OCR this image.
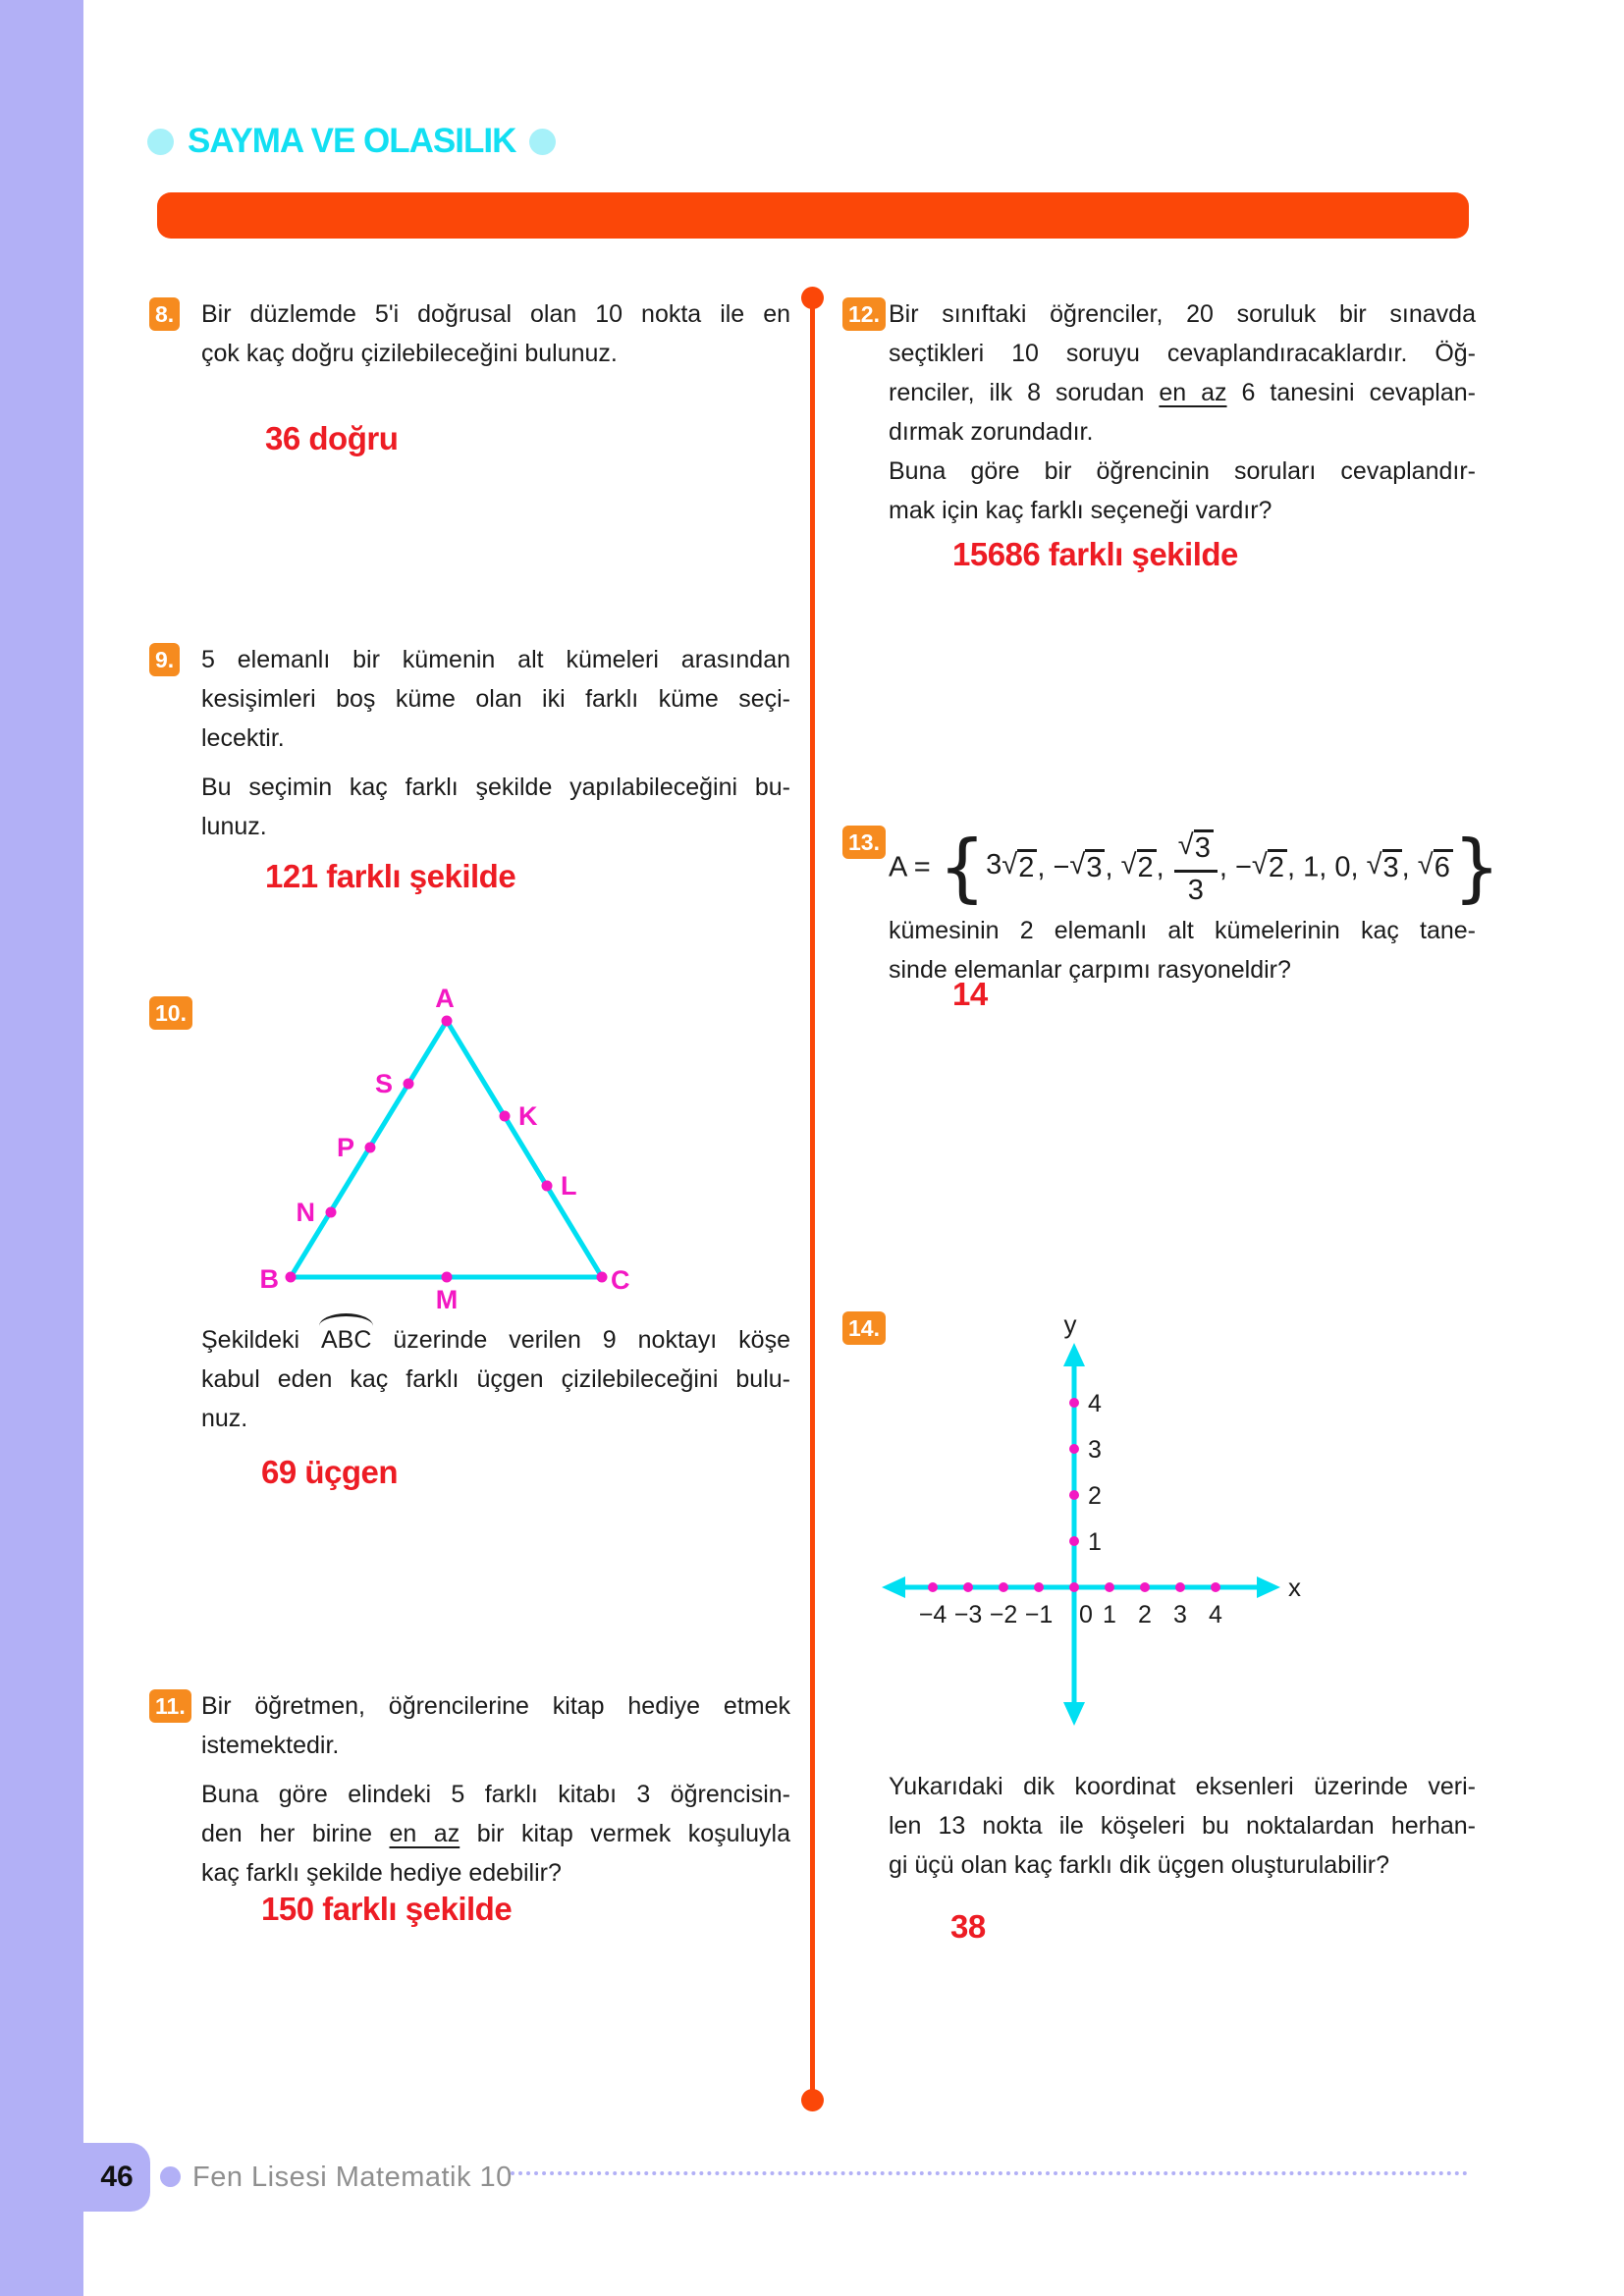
SAYMA VE OLASILIK
8. Bir düzlemde 5'i doğrusal olan 10 nokta ile en
çok kaç doğru çizilebileceğini bulunuz.
36 doğru
9. 5 elemanlı bir kümenin alt kümeleri arasından
kesişimleri boş küme olan iki farklı küme seçi-
lecektir.
Bu seçimin kaç farklı şekilde yapılabileceğini bu-
lunuz.
121 farklı şekilde
10.	A
B	C
S
P
N
K
L
M
Şekildeki ABC üzerinde verilen 9 noktayı köşe
kabul eden kaç farklı üçgen çizilebileceğini bulu-
nuz.
69 üçgen
11. Bir öğretmen, öğrencilerine kitap hediye etmek
istemektedir.
Buna göre elindeki 5 farklı kitabı 3 öğrencisin-
den her birine en az bir kitap vermek koşuluyla
kaç farklı şekilde hediye edebilir?
150 farklı şekilde
12. Bir sınıftaki öğrenciler, 20 soruluk bir sınavda
seçtikleri 10 soruyu cevaplandıracaklardır. Öğ-
renciler, ilk 8 sorudan en az 6 tanesini cevaplan-
dırmak zorundadır.
Buna göre bir öğrencinin soruları cevaplandır-
mak için kaç farklı seçeneği vardır?
15686 farklı şekilde
13.
A = { 3 √ 2 , − √ 3 , √ 2 , $\frac{√ 3}{3}$ , − √ 2 , 1, 0, √ 3 , √ 6 }
kümesinin 2 elemanlı alt kümelerinin kaç tane-
sinde elemanlar çarpımı rasyoneldir?
14
14.
−4 −3 −2 −1 0 1 2 3 4
1
2
3
4
y
x
Yukarıdaki dik koordinat eksenleri üzerinde veri-
len 13 nokta ile köşeleri bu noktalardan herhan-
gi üçü olan kaç farklı dik üçgen oluşturulabilir?
38
46	Fen Lisesi Matematik 10
